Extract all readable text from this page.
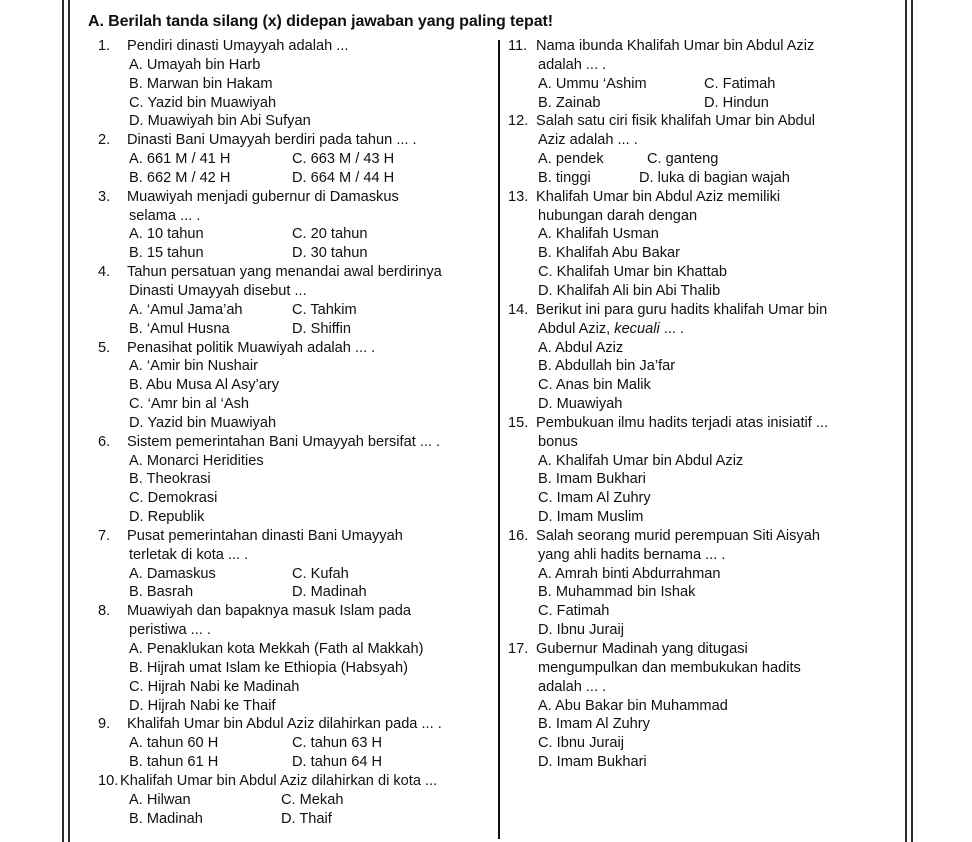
A. Berilah tanda silang (x) didepan jawaban yang paling tepat!
1. Pendiri dinasti Umayyah adalah ...
A. Umayah bin Harb
B. Marwan bin Hakam
C. Yazid bin Muawiyah
D. Muawiyah bin Abi Sufyan
2. Dinasti Bani Umayyah berdiri pada tahun ... .
A. 661 M / 41 H	C. 663 M / 43 H
B. 662 M / 42 H	D. 664 M / 44 H
3. Muawiyah menjadi gubernur di Damaskus
selama ... .
A. 10 tahun	C. 20 tahun
B. 15 tahun	D. 30 tahun
4. Tahun persatuan yang menandai awal berdirinya
Dinasti Umayyah disebut ...
A. ‘Amul Jama’ah	C. Tahkim
B. ‘Amul Husna	D. Shiffin
5. Penasihat politik Muawiyah adalah ... .
A. ‘Amir bin Nushair
B. Abu Musa Al Asy’ary
C. ‘Amr bin al ‘Ash
D. Yazid bin Muawiyah
6. Sistem pemerintahan Bani Umayyah bersifat ... .
A. Monarci Heridities
B. Theokrasi
C. Demokrasi
D. Republik
7. Pusat pemerintahan dinasti Bani Umayyah
terletak di kota ... .
A. Damaskus	C. Kufah
B. Basrah	D. Madinah
8. Muawiyah dan bapaknya masuk Islam pada
peristiwa ... .
A. Penaklukan kota Mekkah (Fath al Makkah)
B. Hijrah umat Islam ke Ethiopia (Habsyah)
C. Hijrah Nabi ke Madinah
D. Hijrah Nabi ke Thaif
9. Khalifah Umar bin Abdul Aziz dilahirkan pada ... .
A. tahun 60 H	C. tahun 63 H
B. tahun 61 H	D. tahun 64 H
10. Khalifah Umar bin Abdul Aziz dilahirkan di kota ...
A. Hilwan	C. Mekah
B. Madinah	D. Thaif
11. Nama ibunda Khalifah Umar bin Abdul Aziz
adalah ... .
A. Ummu ‘Ashim	C. Fatimah
B. Zainab	D. Hindun
12. Salah satu ciri fisik khalifah Umar bin Abdul
Aziz adalah ... .
A. pendek	C. ganteng
B. tinggi	D. luka di bagian wajah
13. Khalifah Umar bin Abdul Aziz memiliki
hubungan darah dengan
A. Khalifah Usman
B. Khalifah Abu Bakar
C. Khalifah Umar bin Khattab
D. Khalifah Ali bin Abi Thalib
14. Berikut ini para guru hadits khalifah Umar bin
Abdul Aziz, kecuali ... .
A. Abdul Aziz
B. Abdullah bin Ja’far
C. Anas bin Malik
D. Muawiyah
15. Pembukuan ilmu hadits terjadi atas inisiatif ...
bonus
A. Khalifah Umar bin Abdul Aziz
B. Imam Bukhari
C. Imam Al Zuhry
D. Imam Muslim
16. Salah seorang murid perempuan Siti Aisyah
yang ahli hadits bernama ... .
A. Amrah binti Abdurrahman
B. Muhammad bin Ishak
C. Fatimah
D. Ibnu Juraij
17. Gubernur Madinah yang ditugasi
mengumpulkan dan membukukan hadits
adalah ... .
A. Abu Bakar bin Muhammad
B. Imam Al Zuhry
C. Ibnu Juraij
D. Imam Bukhari
